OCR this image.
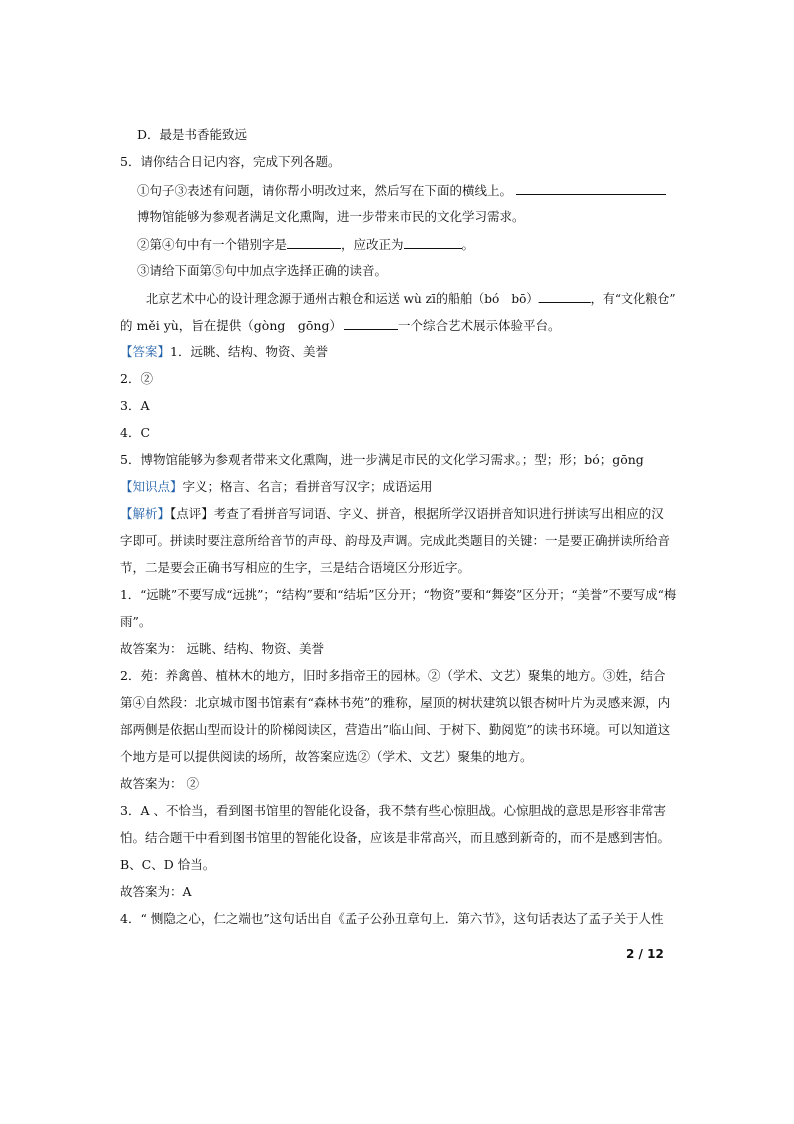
D．最是书香能致远
5．请你结合日记内容，完成下列各题。
①句子③表述有问题，请你帮小明改过来，然后写在下面的横线上。
博物馆能够为参观者满足文化熏陶，进一步带来市民的文化学习需求。
②第④句中有一个错别字是	，应改正为	。
③请给下面第⑤句中加点字选择正确的读音。
北京艺术中心的设计理念源于通州古粮仓和运送 wù zī的船舶（bó　bō）	，有“文化粮仓”
的 měi yù，旨在提供（gòng　gōng）	一个综合艺术展示体验平台。
【答案】1．远眺、结构、物资、美誉
2．②
3．A
4．C
5．博物馆能够为参观者带来文化熏陶，进一步满足市民的文化学习需求。；型；形；bó；gōng
【知识点】字义；格言、名言；看拼音写汉字；成语运用
【解析】【点评】考查了看拼音写词语、字义、拼音，根据所学汉语拼音知识进行拼读写出相应的汉
字即可。拼读时要注意所给音节的声母、韵母及声调。完成此类题目的关键：一是要正确拼读所给音
节，二是要会正确书写相应的生字，三是结合语境区分形近字。
1．“远眺”不要写成“远挑”；“结构”要和“结垢”区分开；“物资”要和“舞姿”区分开；“美誉”不要写成“梅
雨”。
故答案为： 远眺、结构、物资、美誉
2．苑：养禽兽、植林木的地方，旧时多指帝王的园林。②（学术、文艺）聚集的地方。③姓，结合
第④自然段：北京城市图书馆素有“森林书苑”的雅称，屋顶的树状建筑以银杏树叶片为灵感来源，内
部两侧是依据山型而设计的阶梯阅读区，营造出”临山间、于树下、勤阅览”的读书环境。可以知道这
个地方是可以提供阅读的场所，故答案应选②（学术、文艺）聚集的地方。
故答案为： ②
3．A 、不恰当，看到图书馆里的智能化设备，我不禁有些心惊胆战。心惊胆战的意思是形容非常害
怕。结合题干中看到图书馆里的智能化设备，应该是非常高兴，而且感到新奇的，而不是感到害怕。
B、C、D 恰当。
故答案为：A
4．“ 恻隐之心，仁之端也”这句话出自《孟子公孙丑章句上．第六节》，这句话表达了孟子关于人性
2 / 12
